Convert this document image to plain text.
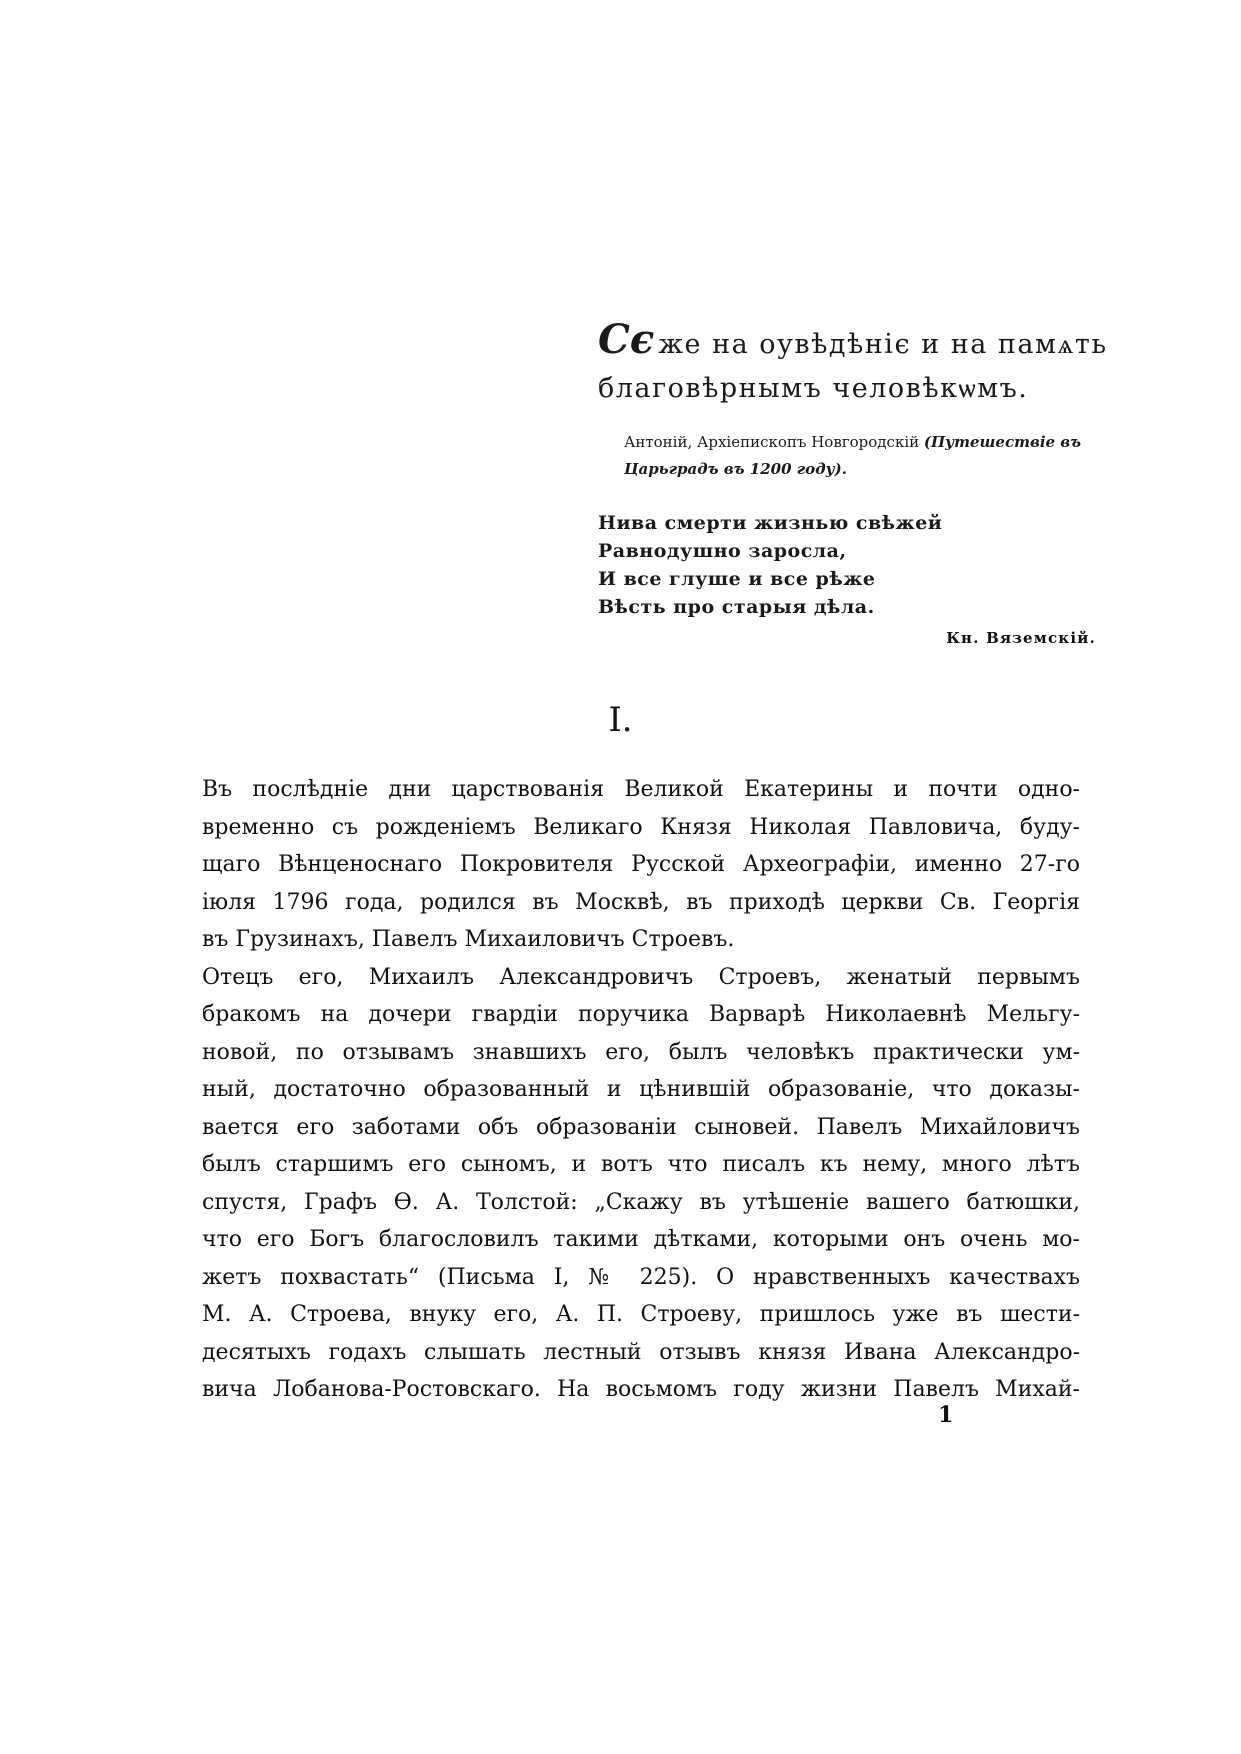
Сє же на оувѣдѣніє и на памѧть
благовѣрнымъ человѣкѡмъ.
Антоній, Архіепископъ Новгородскій (Путешествіе въ
Царьградъ въ 1200 году).
Нива смерти жизнью свѣжей
Равнодушно заросла,
И все глуше и все рѣже
Вѣсть про старыя дѣла.
Кн. Вяземскій.
I.
Въ послѣдніе дни царствованія Великой Екатерины и почти одно-
временно съ рожденіемъ Великаго Князя Николая Павловича, буду-
щаго Вѣнценоснаго Покровителя Русской Археографіи, именно 27-го
іюля 1796 года, родился въ Москвѣ, въ приходѣ церкви Св. Георгія
въ Грузинахъ, Павелъ Михаиловичъ Строевъ.
Отецъ его, Михаилъ Александровичъ Строевъ, женатый первымъ
бракомъ на дочери гвардіи поручика Варварѣ Николаевнѣ Мельгу-
новой, по отзывамъ знавшихъ его, былъ человѣкъ практически ум-
ный, достаточно образованный и цѣнившій образованіе, что доказы-
вается его заботами объ образованіи сыновей. Павелъ Михайловичъ
былъ старшимъ его сыномъ, и вотъ что писалъ къ нему, много лѣтъ
спустя, Графъ Ѳ. А. Толстой: „Скажу въ утѣшеніе вашего батюшки,
что его Богъ благословилъ такими дѣтками, которыми онъ очень мо-
жетъ похвастать“ (Письма I, № 225). О нравственныхъ качествахъ
М. А. Строева, внуку его, А. П. Строеву, пришлось уже въ шести-
десятыхъ годахъ слышать лестный отзывъ князя Ивана Александро-
вича Лобанова-Ростовскаго. На восьмомъ году жизни Павелъ Михай-
1
